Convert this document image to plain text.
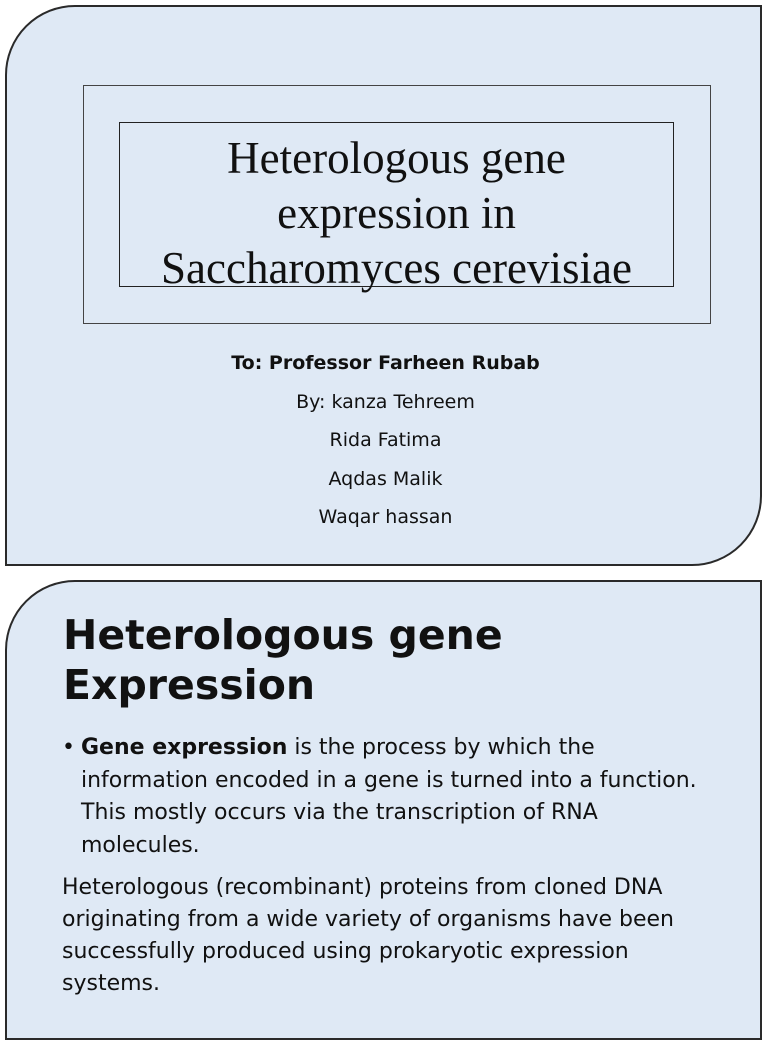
Heterologous gene
expression in
Saccharomyces cerevisiae
To: Professor Farheen Rubab
By: kanza Tehreem
Rida Fatima
Aqdas Malik
Waqar hassan
Heterologous gene
Expression
• Gene expression is the process by which the information encoded in a gene is turned into a function. This mostly occurs via the transcription of RNA molecules.

Heterologous (recombinant) proteins from cloned DNA originating from a wide variety of organisms have been successfully produced using prokaryotic expression systems.
